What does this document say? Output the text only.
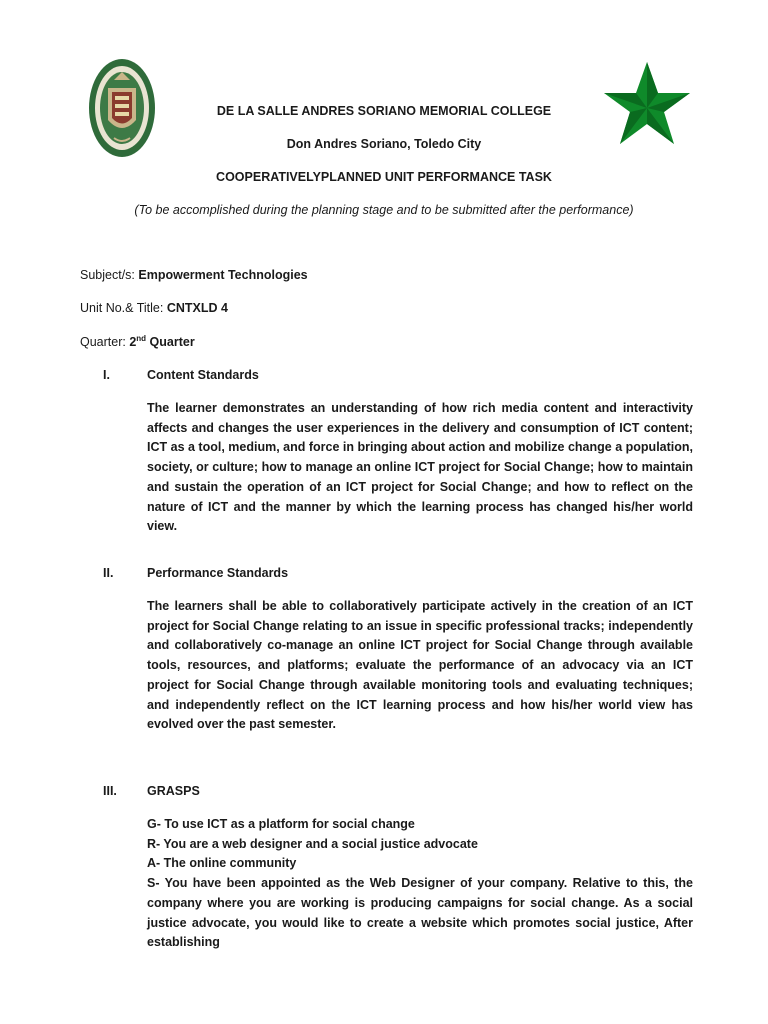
DE LA SALLE ANDRES SORIANO MEMORIAL COLLEGE
Don Andres Soriano, Toledo City
COOPERATIVELYPLANNED UNIT PERFORMANCE TASK
(To be accomplished during the planning stage and to be submitted after the performance)
Subject/s: Empowerment Technologies
Unit No.& Title: CNTXLD 4
Quarter: 2nd Quarter
I.	Content Standards

The learner demonstrates an understanding of how rich media content and interactivity affects and changes the user experiences in the delivery and consumption of ICT content; ICT as a tool, medium, and force in bringing about action and mobilize change a population, society, or culture; how to manage an online ICT project for Social Change; how to maintain and sustain the operation of an ICT project for Social Change; and how to reflect on the nature of ICT and the manner by which the learning process has changed his/her world view.

II.	Performance Standards

The learners shall be able to collaboratively participate actively in the creation of an ICT project for Social Change relating to an issue in specific professional tracks; independently and collaboratively co-manage an online ICT project for Social Change through available tools, resources, and platforms; evaluate the performance of an advocacy via an ICT project for Social Change through available monitoring tools and evaluating techniques; and independently reflect on the ICT learning process and how his/her world view has evolved over the past semester.

III. GRASPS
G- To use ICT as a platform for social change
R- You are a web designer and a social justice advocate
A- The online community
S- You have been appointed as the Web Designer of your company. Relative to this, the company where you are working is producing campaigns for social change. As a social justice advocate, you would like to create a website which promotes social justice, After establishing
